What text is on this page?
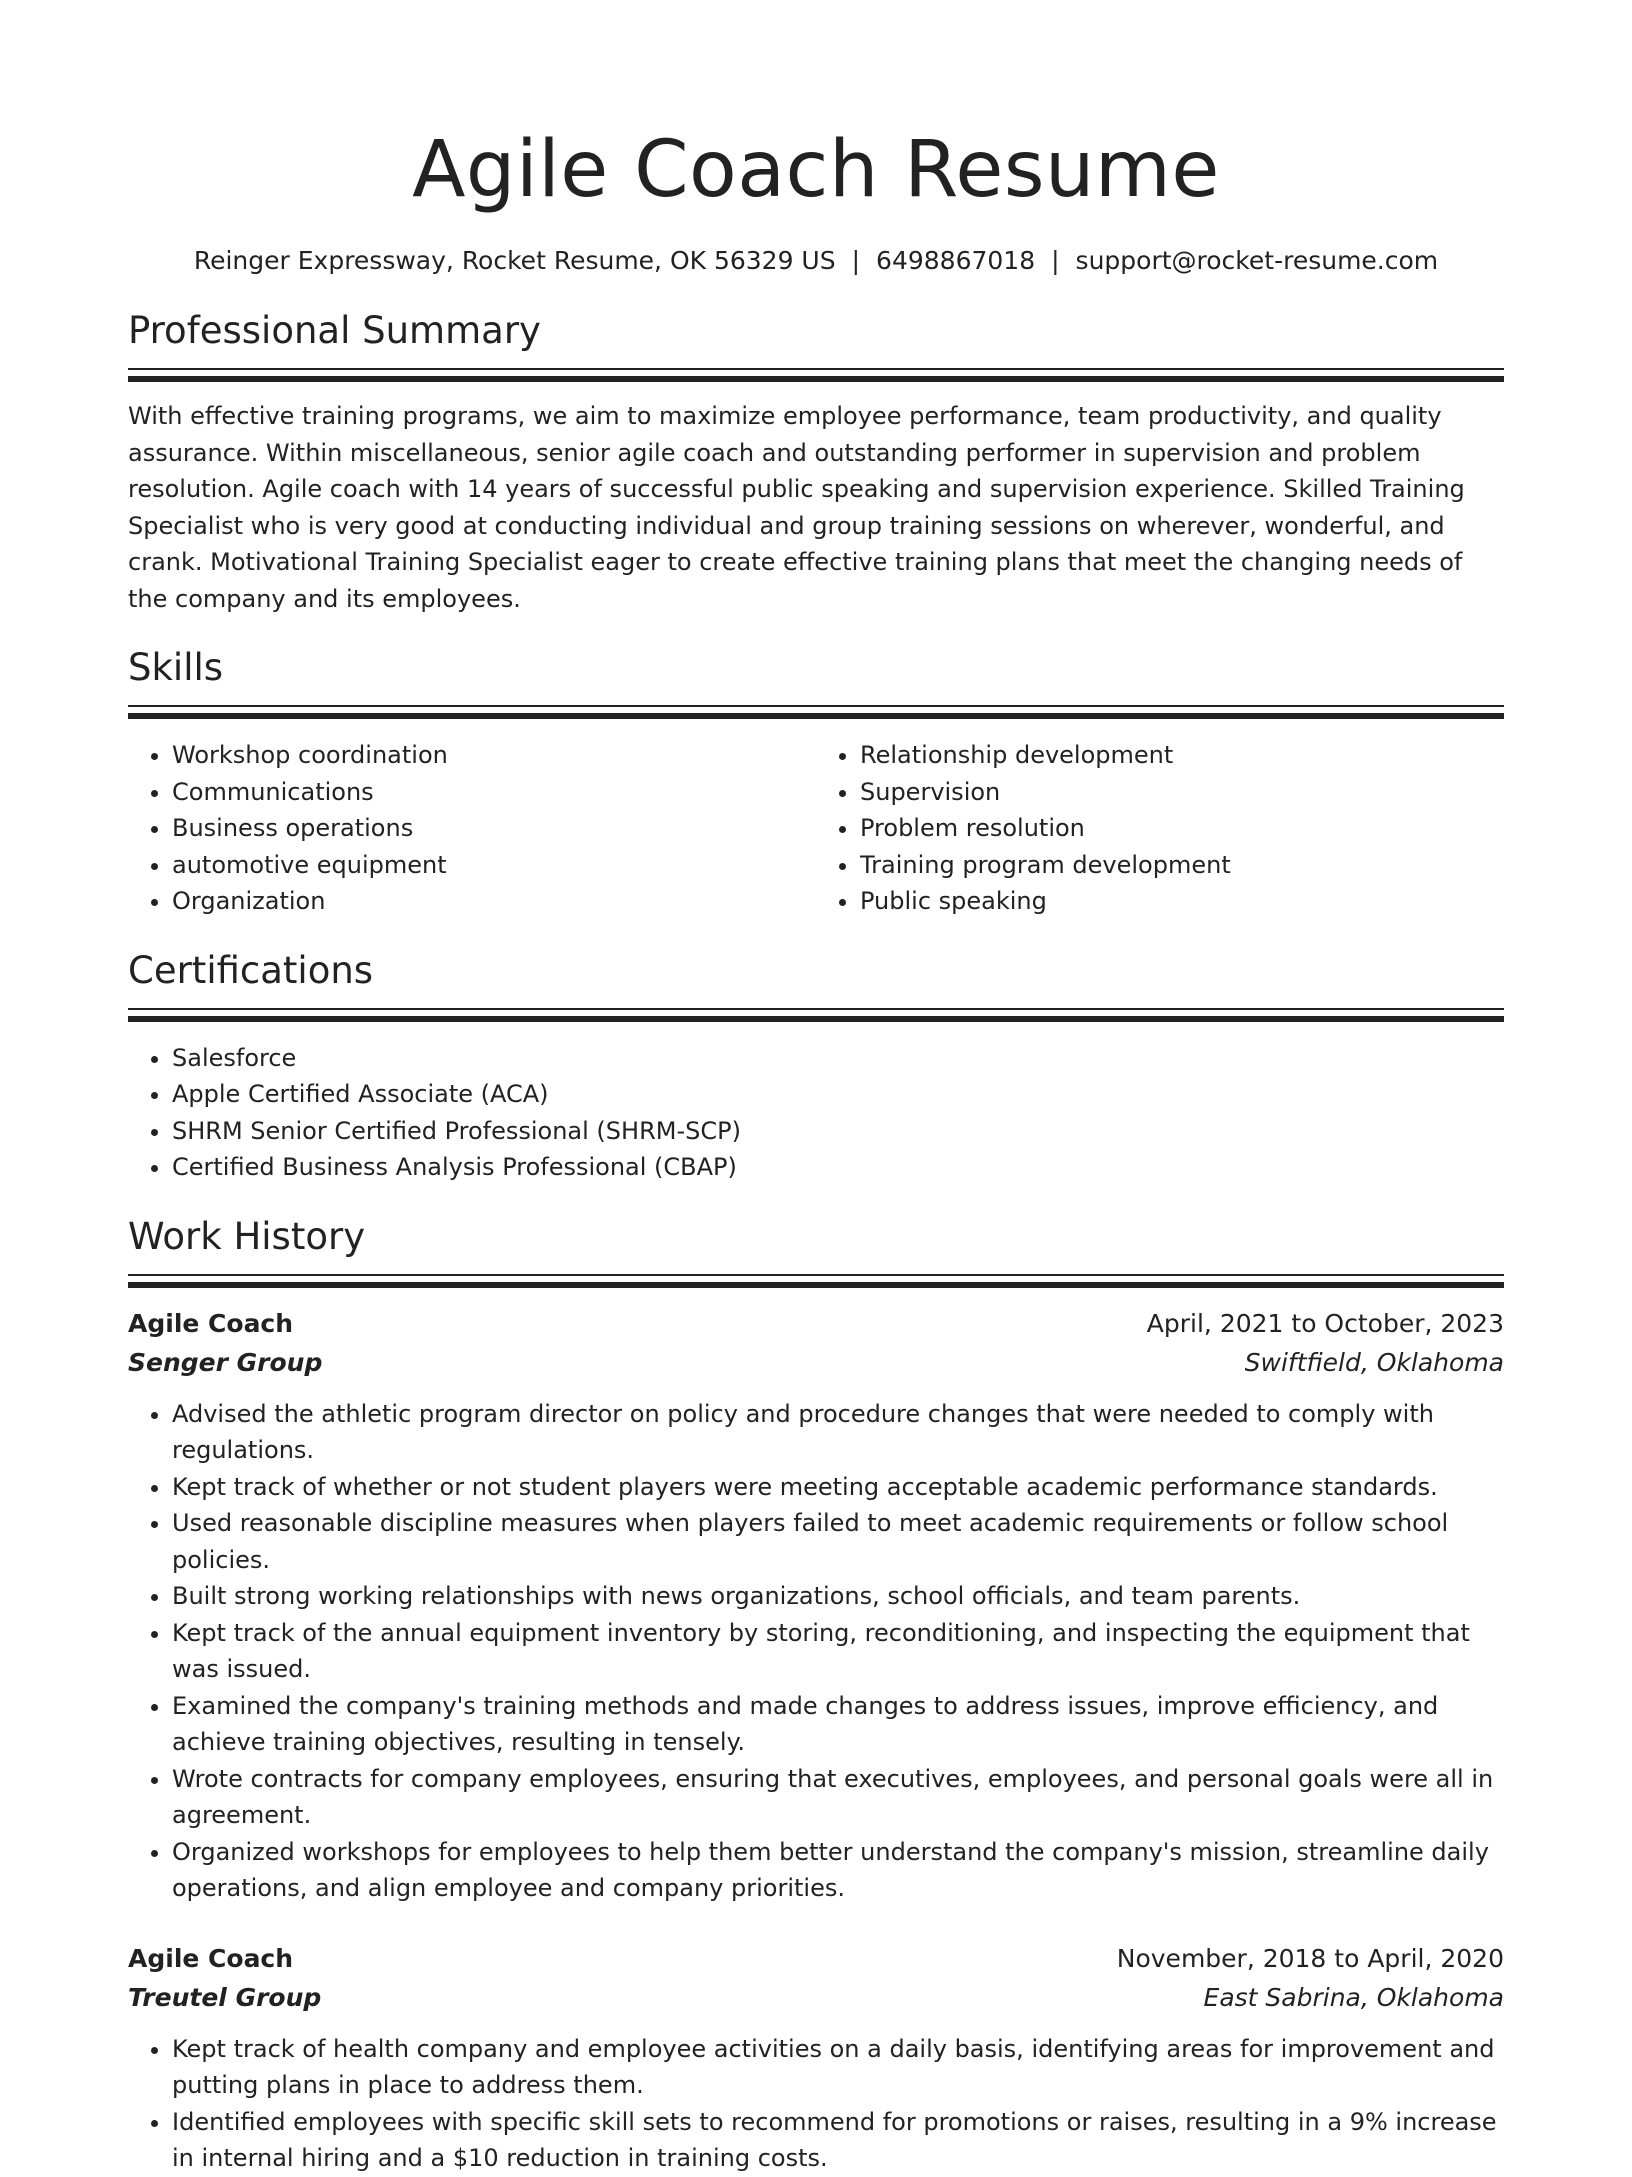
Agile Coach Resume
Reinger Expressway, Rocket Resume, OK 56329 US | 6498867018 | support@rocket-resume.com
Professional Summary

With effective training programs, we aim to maximize employee performance, team productivity, and quality assurance. Within miscellaneous, senior agile coach and outstanding performer in supervision and problem resolution. Agile coach with 14 years of successful public speaking and supervision experience. Skilled Training Specialist who is very good at conducting individual and group training sessions on wherever, wonderful, and crank. Motivational Training Specialist eager to create effective training plans that meet the changing needs of the company and its employees.

Skills
• Workshop coordination
• Communications
• Business operations
• automotive equipment
• Organization
• Relationship development
• Supervision
• Problem resolution
• Training program development
• Public speaking
Certifications
• Salesforce
• Apple Certified Associate (ACA)
• SHRM Senior Certified Professional (SHRM-SCP)
• Certified Business Analysis Professional (CBAP)
Work History
Agile Coach	April, 2021 to October, 2023
Senger Group	Swiftfield, Oklahoma
• Advised the athletic program director on policy and procedure changes that were needed to comply with regulations.
• Kept track of whether or not student players were meeting acceptable academic performance standards.
• Used reasonable discipline measures when players failed to meet academic requirements or follow school policies.
• Built strong working relationships with news organizations, school officials, and team parents.
• Kept track of the annual equipment inventory by storing, reconditioning, and inspecting the equipment that was issued.
• Examined the company's training methods and made changes to address issues, improve efficiency, and achieve training objectives, resulting in tensely.
• Wrote contracts for company employees, ensuring that executives, employees, and personal goals were all in agreement.
• Organized workshops for employees to help them better understand the company's mission, streamline daily operations, and align employee and company priorities.
Agile Coach	November, 2018 to April, 2020
Treutel Group	East Sabrina, Oklahoma
• Kept track of health company and employee activities on a daily basis, identifying areas for improvement and putting plans in place to address them.
• Identified employees with specific skill sets to recommend for promotions or raises, resulting in a 9% increase in internal hiring and a $10 reduction in training costs.
